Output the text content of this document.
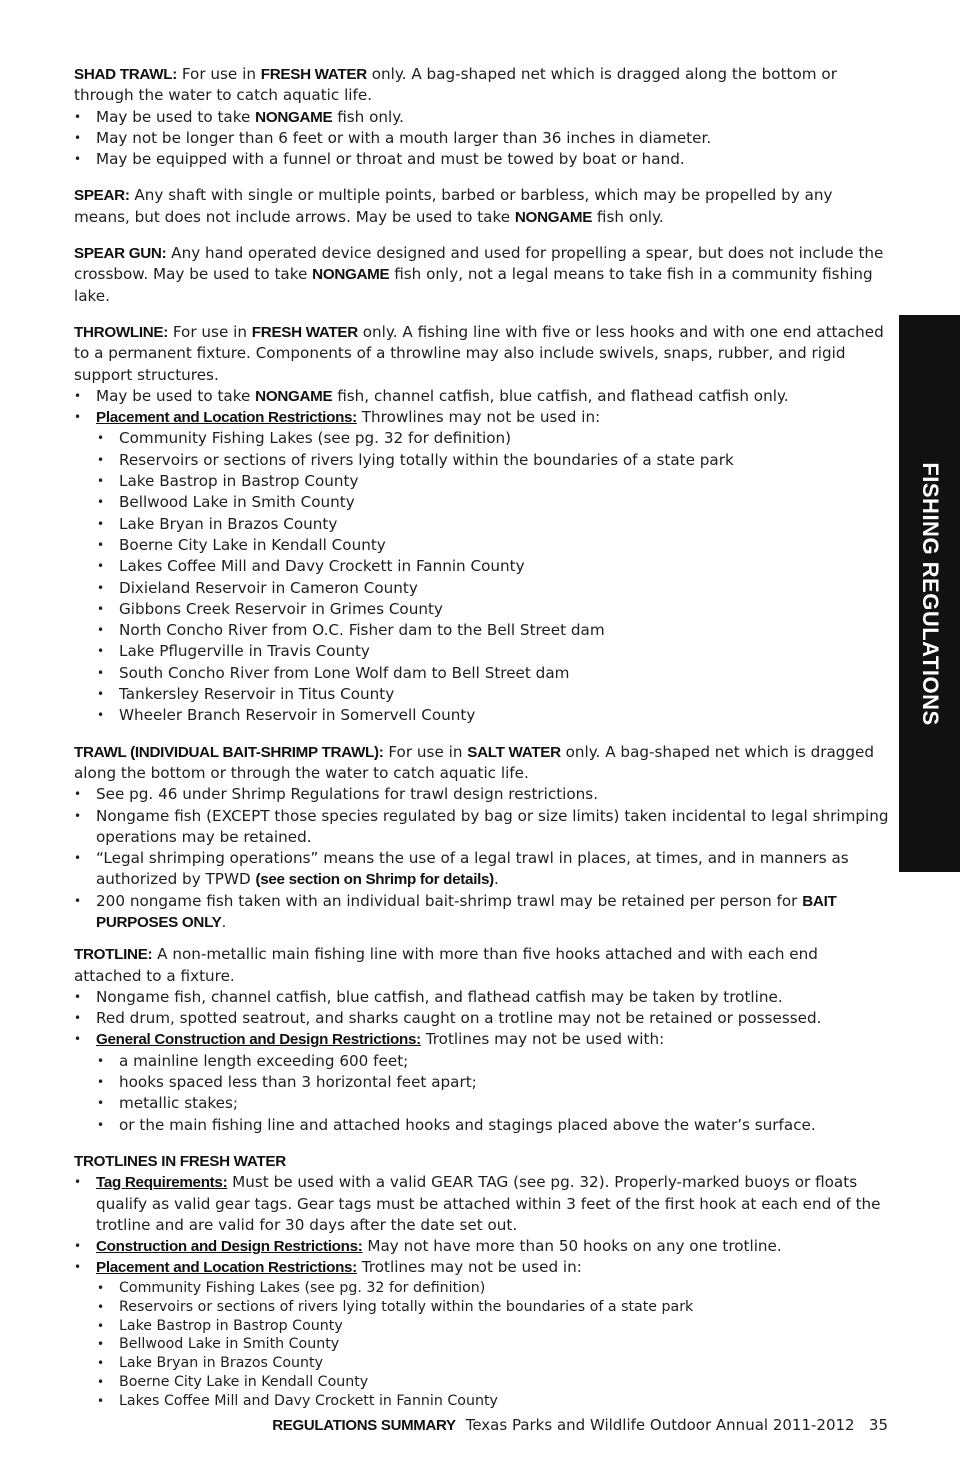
SHAD TRAWL: For use in FRESH WATER only. A bag-shaped net which is dragged along the bottom or through the water to catch aquatic life.

• May be used to take NONGAME fish only.
• May not be longer than 6 feet or with a mouth larger than 36 inches in diameter.
• May be equipped with a funnel or throat and must be towed by boat or hand.

SPEAR: Any shaft with single or multiple points, barbed or barbless, which may be propelled by any means, but does not include arrows. May be used to take NONGAME fish only.

SPEAR GUN: Any hand operated device designed and used for propelling a spear, but does not include the crossbow. May be used to take NONGAME fish only, not a legal means to take fish in a community fishing lake.

THROWLINE: For use in FRESH WATER only. A fishing line with five or less hooks and with one end attached to a permanent fixture. Components of a throwline may also include swivels, snaps, rubber, and rigid support structures.

• May be used to take NONGAME fish, channel catfish, blue catfish, and flathead catfish only.
• Placement and Location Restrictions: Throwlines may not be used in:
• Community Fishing Lakes (see pg. 32 for definition)
• Reservoirs or sections of rivers lying totally within the boundaries of a state park
• Lake Bastrop in Bastrop County
• Bellwood Lake in Smith County
• Lake Bryan in Brazos County
• Boerne City Lake in Kendall County
• Lakes Coffee Mill and Davy Crockett in Fannin County
• Dixieland Reservoir in Cameron County
• Gibbons Creek Reservoir in Grimes County
• North Concho River from O.C. Fisher dam to the Bell Street dam
• Lake Pflugerville in Travis County
• South Concho River from Lone Wolf dam to Bell Street dam
• Tankersley Reservoir in Titus County
• Wheeler Branch Reservoir in Somervell County

TRAWL (INDIVIDUAL BAIT-SHRIMP TRAWL): For use in SALT WATER only. A bag-shaped net which is dragged along the bottom or through the water to catch aquatic life.

• See pg. 46 under Shrimp Regulations for trawl design restrictions.
• Nongame fish (EXCEPT those species regulated by bag or size limits) taken incidental to legal shrimping operations may be retained.
• “Legal shrimping operations” means the use of a legal trawl in places, at times, and in manners as authorized by TPWD (see section on Shrimp for details).
• 200 nongame fish taken with an individual bait-shrimp trawl may be retained per person for BAIT PURPOSES ONLY.

TROTLINE: A non-metallic main fishing line with more than five hooks attached and with each end attached to a fixture.

• Nongame fish, channel catfish, blue catfish, and flathead catfish may be taken by trotline.
• Red drum, spotted seatrout, and sharks caught on a trotline may not be retained or possessed.
• General Construction and Design Restrictions: Trotlines may not be used with:
• a mainline length exceeding 600 feet;
• hooks spaced less than 3 horizontal feet apart;
• metallic stakes;
• or the main fishing line and attached hooks and stagings placed above the water’s surface.

TROTLINES IN FRESH WATER

• Tag Requirements: Must be used with a valid GEAR TAG (see pg. 32). Properly-marked buoys or floats qualify as valid gear tags. Gear tags must be attached within 3 feet of the first hook at each end of the trotline and are valid for 30 days after the date set out.
• Construction and Design Restrictions: May not have more than 50 hooks on any one trotline.
• Placement and Location Restrictions: Trotlines may not be used in:
• Community Fishing Lakes (see pg. 32 for definition)
• Reservoirs or sections of rivers lying totally within the boundaries of a state park
• Lake Bastrop in Bastrop County
• Bellwood Lake in Smith County
• Lake Bryan in Brazos County
• Boerne City Lake in Kendall County
• Lakes Coffee Mill and Davy Crockett in Fannin County
FISHING REGULATIONS
REGULATIONS SUMMARY Texas Parks and Wildlife Outdoor Annual 2011-2012 35
